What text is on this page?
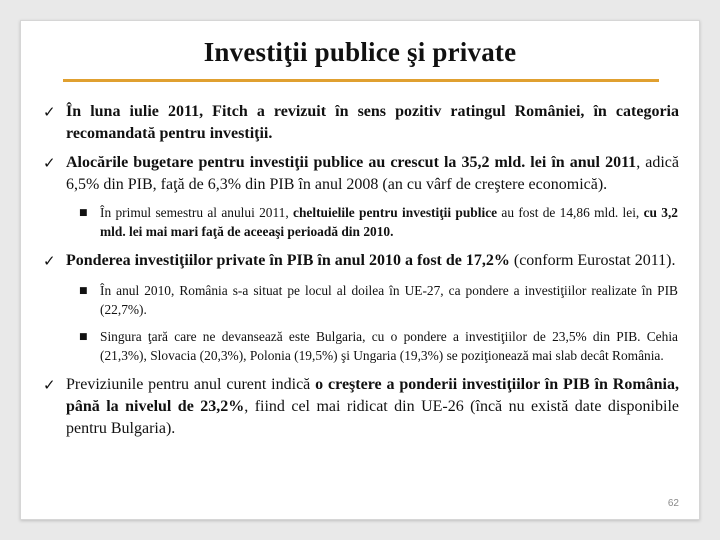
Investiţii publice şi private
✓ În luna iulie 2011, Fitch a revizuit în sens pozitiv ratingul României, în categoria recomandată pentru investiţii.
✓ Alocările bugetare pentru investiţii publice au crescut la 35,2 mld. lei în anul 2011, adică 6,5% din PIB, faţă de 6,3% din PIB în anul 2008 (an cu vârf de creştere economică).
■ În primul semestru al anului 2011, cheltuielile pentru investiţii publice au fost de 14,86 mld. lei, cu 3,2 mld. lei mai mari faţă de aceeaşi perioadă din 2010.
✓ Ponderea investiţiilor private în PIB în anul 2010 a fost de 17,2% (conform Eurostat 2011).
■ În anul 2010, România s-a situat pe locul al doilea în UE-27, ca pondere a investiţiilor realizate în PIB (22,7%).
■ Singura ţară care ne devansează este Bulgaria, cu o pondere a investiţiilor de 23,5% din PIB. Cehia (21,3%), Slovacia (20,3%), Polonia (19,5%) şi Ungaria (19,3%) se poziţionează mai slab decât România.
✓ Previziunile pentru anul curent indică o creştere a ponderii investiţiilor în PIB în România, până la nivelul de 23,2%, fiind cel mai ridicat din UE-26 (încă nu există date disponibile pentru Bulgaria).
62
